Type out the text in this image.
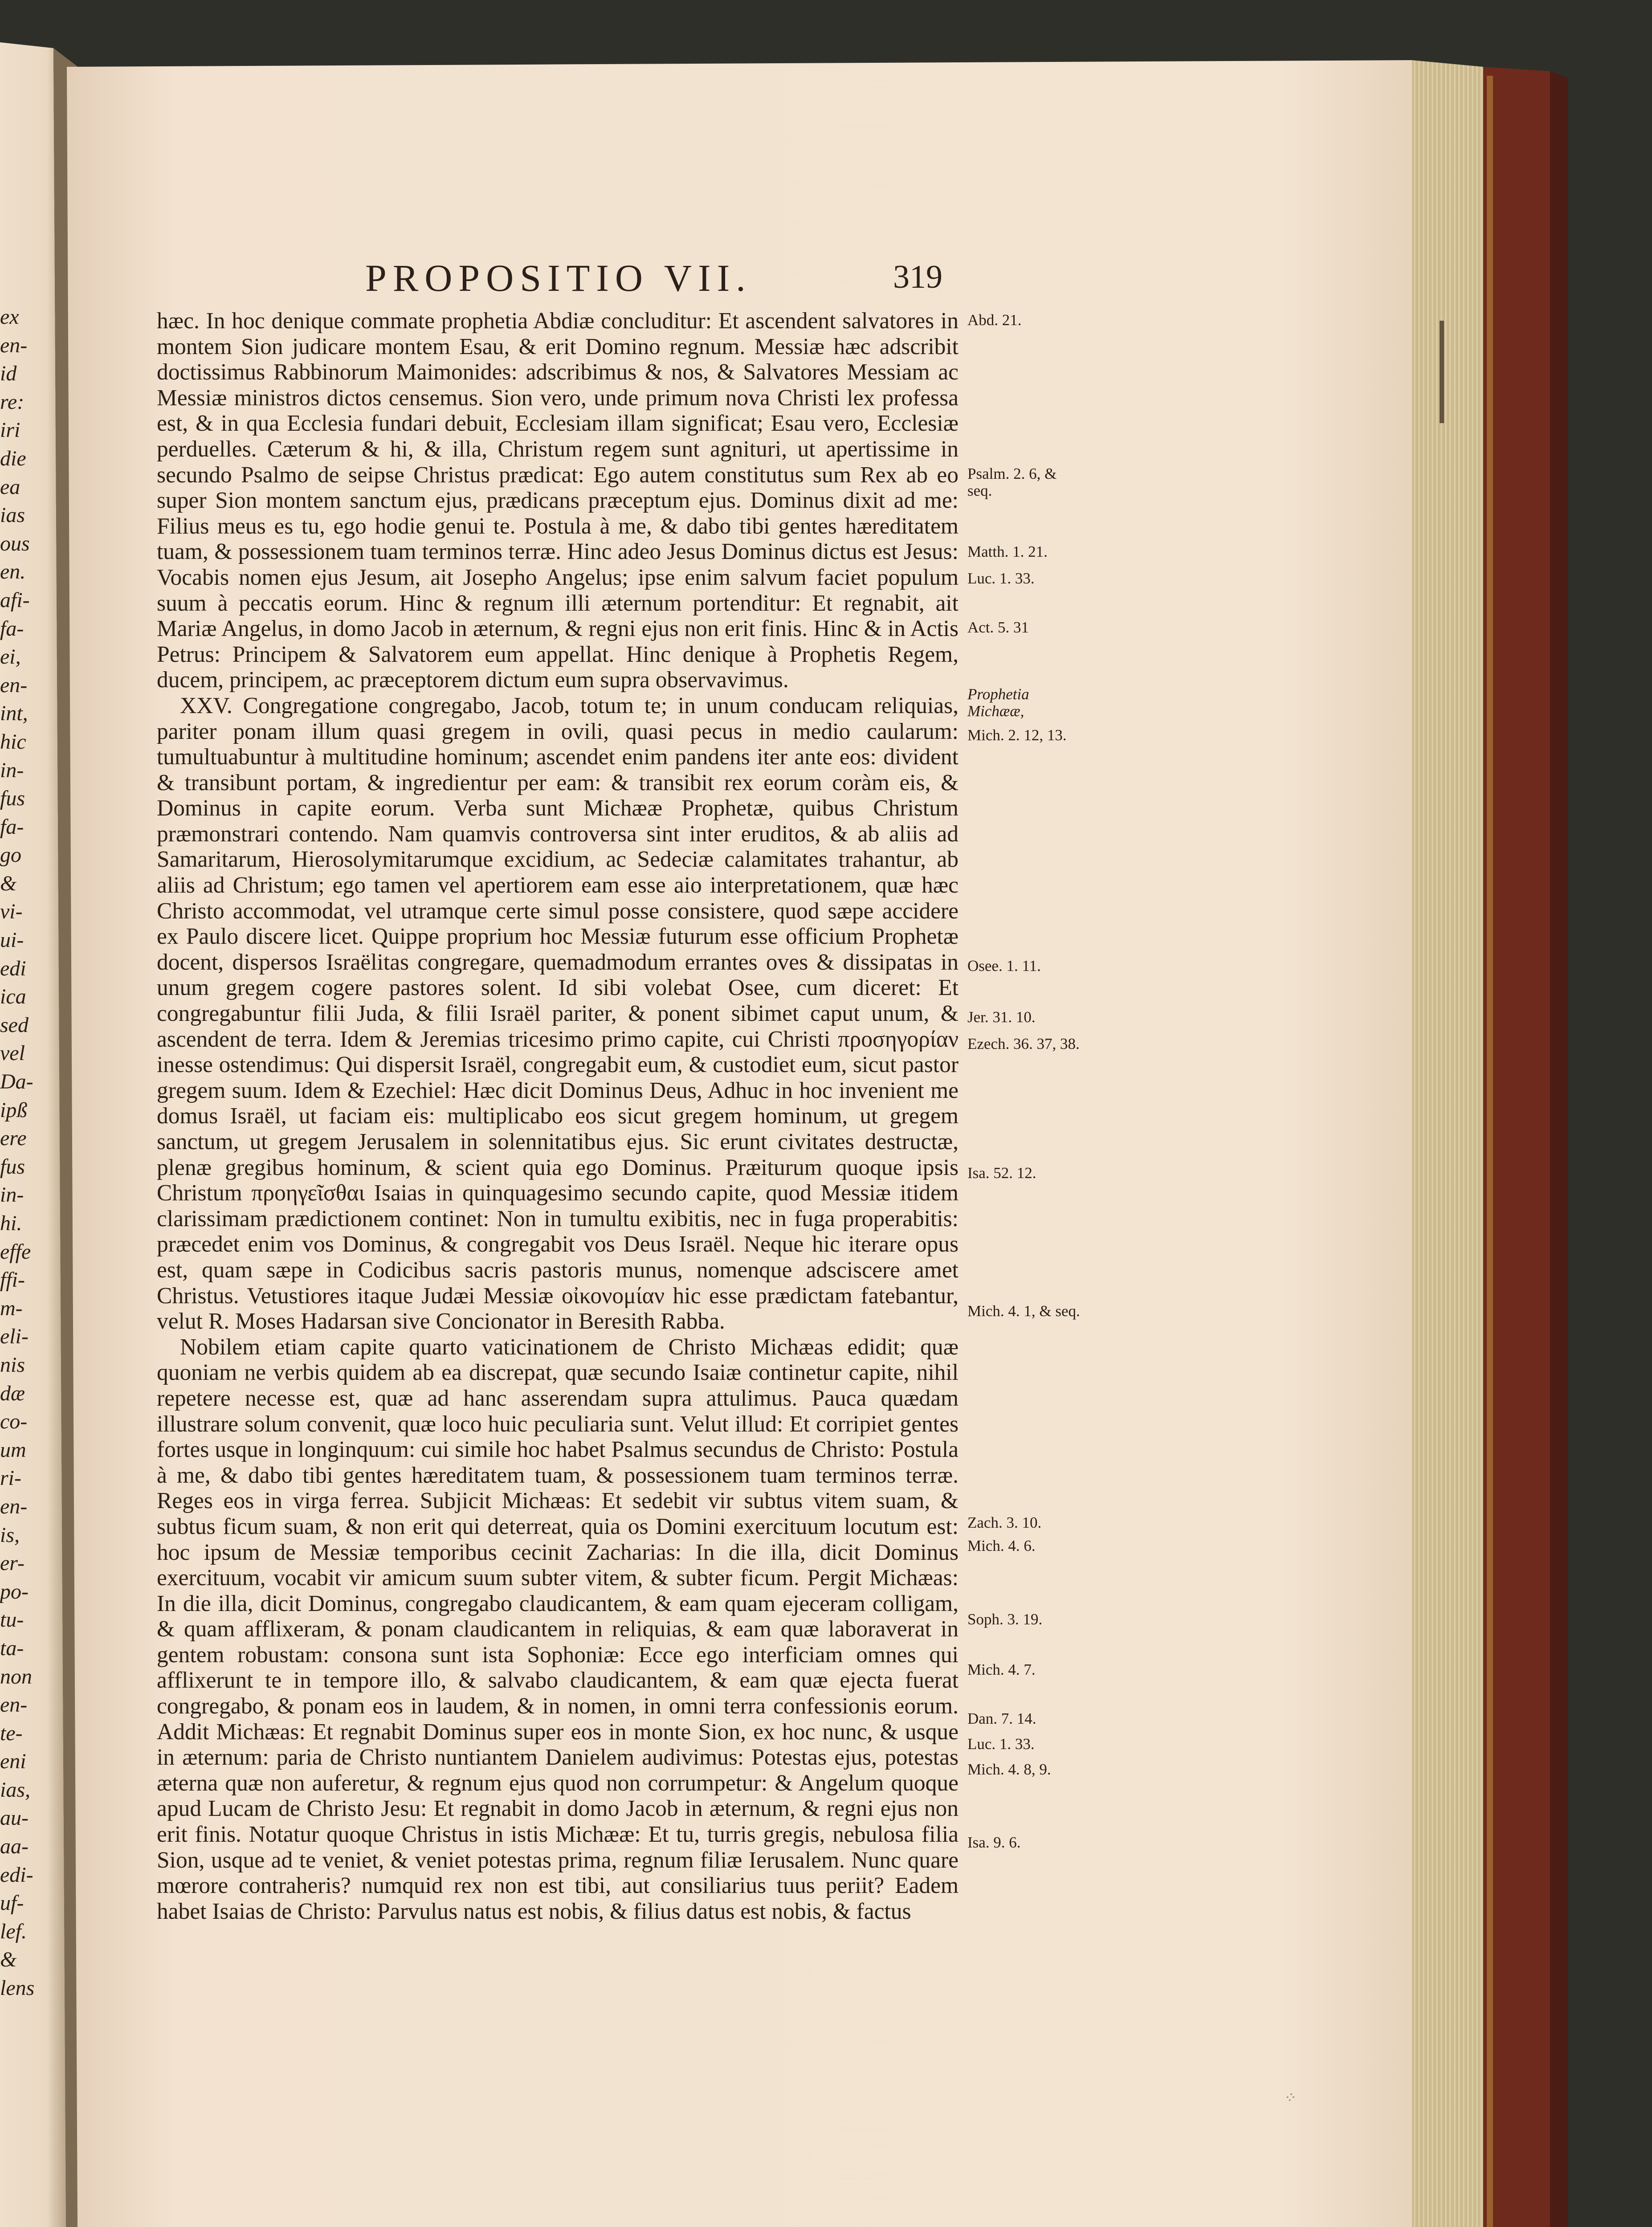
ex
en-
id
re:
iri
die
ea
ias
ous
en.
afi-
fa-
ei,
en-
int,
hic
in-
fus
fa-
go
&
vi-
ui-
edi
ica
sed
vel
Da-
ipß
ere
fus
in-
hi.
effe
ffi-
m-
eli-
nis
dæ
co-
um
ri-
en-
is,
er-
po-
tu-
ta-
non
en-
te-
eni
ias,
au-
aa-
edi-
uf-
lef.
&
lens
PROPOSITIO VII.	319

hæc. In hoc denique commate prophetia Abdiæ concluditur: Et ascendent salvatores in montem Sion judicare montem Esau, & erit Domino regnum. Messiæ hæc adscribit doctissimus Rabbinorum Maimonides: adscribimus & nos, & Salvatores Messiam ac Messiæ ministros dictos censemus. Sion vero, unde primum nova Christi lex professa est, & in qua Ecclesia fundari debuit, Ecclesiam illam significat; Esau vero, Ecclesiæ perduelles. Cæterum & hi, & illa, Christum regem sunt agnituri, ut apertissime in secundo Psalmo de seipse Christus prædicat: Ego autem constitutus sum Rex ab eo super Sion montem sanctum ejus, prædicans præceptum ejus. Dominus dixit ad me: Filius meus es tu, ego hodie genui te. Postula à me, & dabo tibi gentes hæreditatem tuam, & possessionem tuam terminos terræ. Hinc adeo Jesus Dominus dictus est Jesus: Vocabis nomen ejus Jesum, ait Josepho Angelus; ipse enim salvum faciet populum suum à peccatis eorum. Hinc & regnum illi æternum portenditur: Et regnabit, ait Mariæ Angelus, in domo Jacob in æternum, & regni ejus non erit finis. Hinc & in Actis Petrus: Principem & Salvatorem eum appellat. Hinc denique à Prophetis Regem, ducem, principem, ac præceptorem dictum eum supra observavimus.

XXV. Congregatione congregabo, Jacob, totum te; in unum conducam reliquias, pariter ponam illum quasi gregem in ovili, quasi pecus in medio caularum: tumultuabuntur à multitudine hominum; ascendet enim pandens iter ante eos: divident & transibunt portam, & ingredientur per eam: & transibit rex eorum coràm eis, & Dominus in capite eorum. Verba sunt Michææ Prophetæ, quibus Christum præmonstrari contendo. Nam quamvis controversa sint inter eruditos, & ab aliis ad Samaritarum, Hierosolymitarumque excidium, ac Sedeciæ calamitates trahantur, ab aliis ad Christum; ego tamen vel apertiorem eam esse aio interpretationem, quæ hæc Christo accommodat, vel utramque certe simul posse consistere, quod sæpe accidere ex Paulo discere licet. Quippe proprium hoc Messiæ futurum esse officium Prophetæ docent, dispersos Israëlitas congregare, quemadmodum errantes oves & dissipatas in unum gregem cogere pastores solent. Id sibi volebat Osee, cum diceret: Et congregabuntur filii Juda, & filii Israël pariter, & ponent sibimet caput unum, & ascendent de terra. Idem & Jeremias tricesimo primo capite, cui Christi προσηγορίαν inesse ostendimus: Qui dispersit Israël, congregabit eum, & custodiet eum, sicut pastor gregem suum. Idem & Ezechiel: Hæc dicit Dominus Deus, Adhuc in hoc invenient me domus Israël, ut faciam eis: multiplicabo eos sicut gregem hominum, ut gregem sanctum, ut gregem Jerusalem in solennitatibus ejus. Sic erunt civitates destructæ, plenæ gregibus hominum, & scient quia ego Dominus. Præiturum quoque ipsis Christum προηγεῖσθαι Isaias in quinquagesimo secundo capite, quod Messiæ itidem clarissimam prædictionem continet: Non in tumultu exibitis, nec in fuga properabitis: præcedet enim vos Dominus, & congregabit vos Deus Israël. Neque hic iterare opus est, quam sæpe in Codicibus sacris pastoris munus, nomenque adsciscere amet Christus. Vetustiores itaque Judæi Messiæ οἰκονομίαν hic esse prædictam fatebantur, velut R. Moses Hadarsan sive Concionator in Beresith Rabba.

Nobilem etiam capite quarto vaticinationem de Christo Michæas edidit; quæ quoniam ne verbis quidem ab ea discrepat, quæ secundo Isaiæ continetur capite, nihil repetere necesse est, quæ ad hanc asserendam supra attulimus. Pauca quædam illustrare solum convenit, quæ loco huic peculiaria sunt. Velut illud: Et corripiet gentes fortes usque in longinquum: cui simile hoc habet Psalmus secundus de Christo: Postula à me, & dabo tibi gentes hæreditatem tuam, & possessionem tuam terminos terræ. Reges eos in virga ferrea. Subjicit Michæas: Et sedebit vir subtus vitem suam, & subtus ficum suam, & non erit qui deterreat, quia os Domini exercituum locutum est: hoc ipsum de Messiæ temporibus cecinit Zacharias: In die illa, dicit Dominus exercituum, vocabit vir amicum suum subter vitem, & subter ficum. Pergit Michæas: In die illa, dicit Dominus, congregabo claudicantem, & eam quam ejeceram colligam, & quam afflixeram, & ponam claudicantem in reliquias, & eam quæ laboraverat in gentem robustam: consona sunt ista Sophoniæ: Ecce ego interficiam omnes qui afflixerunt te in tempore illo, & salvabo claudicantem, & eam quæ ejecta fuerat congregabo, & ponam eos in laudem, & in nomen, in omni terra confessionis eorum. Addit Michæas: Et regnabit Dominus super eos in monte Sion, ex hoc nunc, & usque in æternum: paria de Christo nuntiantem Danielem audivimus: Potestas ejus, potestas æterna quæ non auferetur, & regnum ejus quod non corrumpetur: & Angelum quoque apud Lucam de Christo Jesu: Et regnabit in domo Jacob in æternum, & regni ejus non erit finis. Notatur quoque Christus in istis Michææ: Et tu, turris gregis, nebulosa filia Sion, usque ad te veniet, & veniet potestas prima, regnum filiæ Ierusalem. Nunc quare mœrore contraheris? numquid rex non est tibi, aut consiliarius tuus periit? Eadem habet Isaias de Christo: Parvulus natus est nobis, & filius datus est nobis, & factus

Abd. 21.
Psalm. 2. 6, & seq.
Matth. 1. 21.
Luc. 1. 33.
Act. 5. 31
Prophetia Michææ,
Mich. 2. 12, 13.
Osee. 1. 11.
Jer. 31. 10.
Ezech. 36. 37, 38.
Isa. 52. 12.
Mich. 4. 1, & seq.
Zach. 3. 10.
Mich. 4. 6.
Soph. 3. 19.
Mich. 4. 7.
Dan. 7. 14.
Luc. 1. 33.
Mich. 4. 8, 9.
Isa. 9. 6.
⁘
